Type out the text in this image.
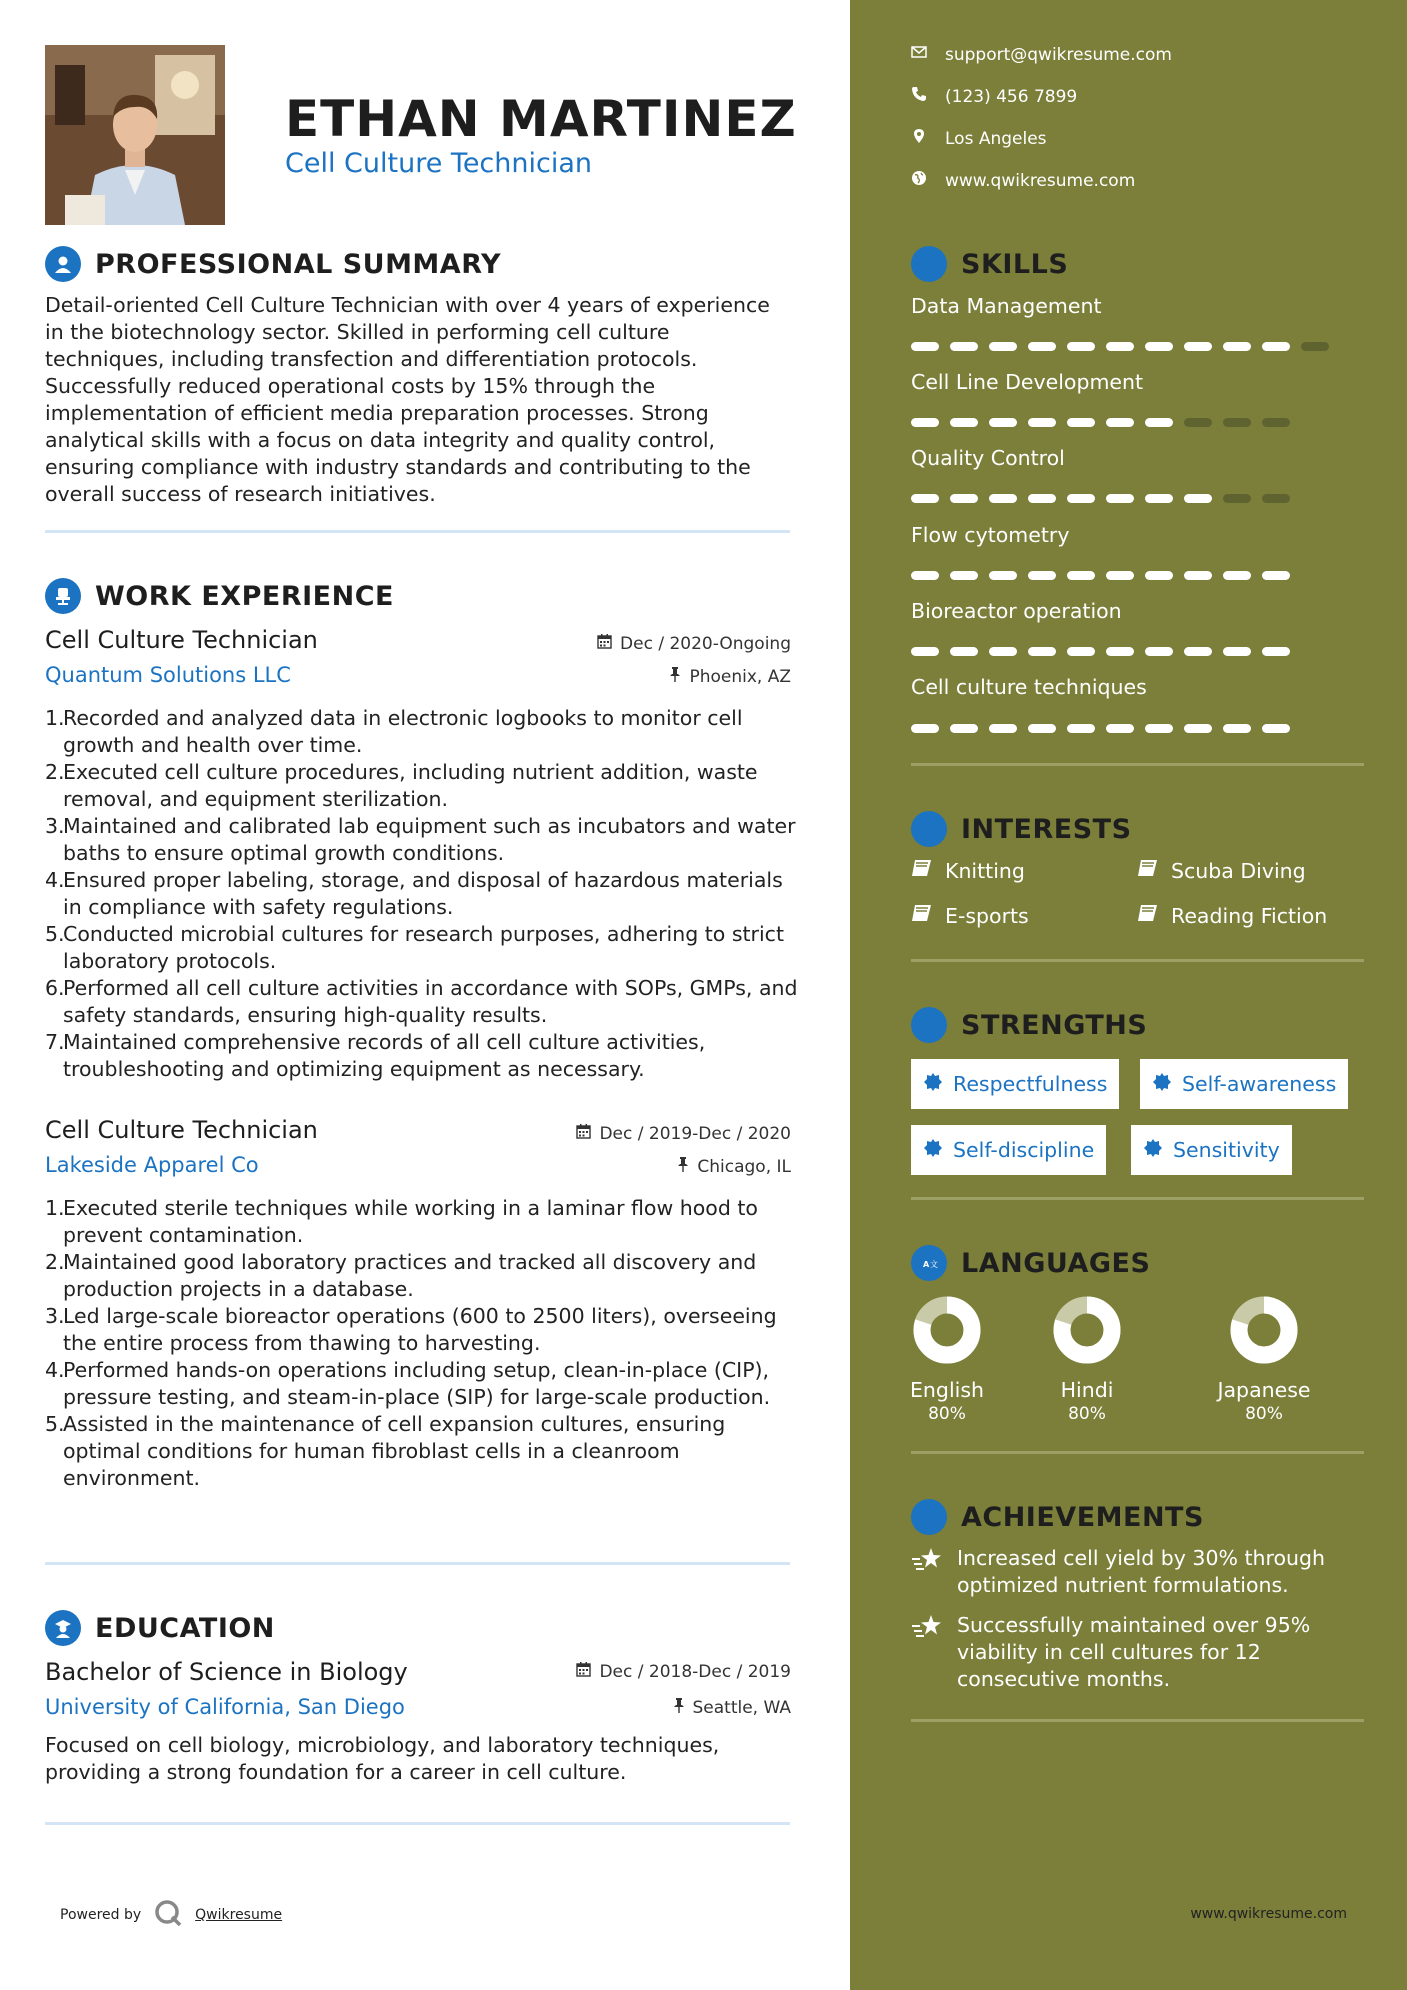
ETHAN MARTINEZ
Cell Culture Technician
PROFESSIONAL SUMMARY
Detail-oriented Cell Culture Technician with over 4 years of experience in the biotechnology sector. Skilled in performing cell culture techniques, including transfection and differentiation protocols. Successfully reduced operational costs by 15% through the implementation of efficient media preparation processes. Strong analytical skills with a focus on data integrity and quality control, ensuring compliance with industry standards and contributing to the overall success of research initiatives.
WORK EXPERIENCE
Cell Culture Technician	Dec / 2020-Ongoing
Quantum Solutions LLC	Phoenix, AZ
1.
Recorded and analyzed data in electronic logbooks to monitor cell growth and health over time.
2.
Executed cell culture procedures, including nutrient addition, waste removal, and equipment sterilization.
3.
Maintained and calibrated lab equipment such as incubators and water baths to ensure optimal growth conditions.
4.
Ensured proper labeling, storage, and disposal of hazardous materials in compliance with safety regulations.
5.
Conducted microbial cultures for research purposes, adhering to strict laboratory protocols.
6.
Performed all cell culture activities in accordance with SOPs, GMPs, and safety standards, ensuring high-quality results.
7.
Maintained comprehensive records of all cell culture activities, troubleshooting and optimizing equipment as necessary.
Cell Culture Technician	Dec / 2019-Dec / 2020
Lakeside Apparel Co	Chicago, IL
1.
Executed sterile techniques while working in a laminar flow hood to prevent contamination.
2.
Maintained good laboratory practices and tracked all discovery and production projects in a database.
3.
Led large-scale bioreactor operations (600 to 2500 liters), overseeing the entire process from thawing to harvesting.
4.
Performed hands-on operations including setup, clean-in-place (CIP), pressure testing, and steam-in-place (SIP) for large-scale production.
5.
Assisted in the maintenance of cell expansion cultures, ensuring optimal conditions for human fibroblast cells in a cleanroom environment.
EDUCATION
Bachelor of Science in Biology	Dec / 2018-Dec / 2019
University of California, San Diego	Seattle, WA
Focused on cell biology, microbiology, and laboratory techniques, providing a strong foundation for a career in cell culture.
Powered by	Qwikresume
support@qwikresume.com
(123) 456 7899
Los Angeles
www.qwikresume.com
SKILLS
Data Management
Cell Line Development
Quality Control
Flow cytometry
Bioreactor operation
Cell culture techniques
INTERESTS
Knitting	Scuba Diving
E-sports	Reading Fiction
STRENGTHS
Respectfulness	Self-awareness
Self-discipline	Sensitivity
A 文 LANGUAGES
English
80%
Hindi
80%
Japanese
80%
ACHIEVEMENTS
Increased cell yield by 30% through optimized nutrient formulations.
Successfully maintained over 95% viability in cell cultures for 12 consecutive months.
www.qwikresume.com
